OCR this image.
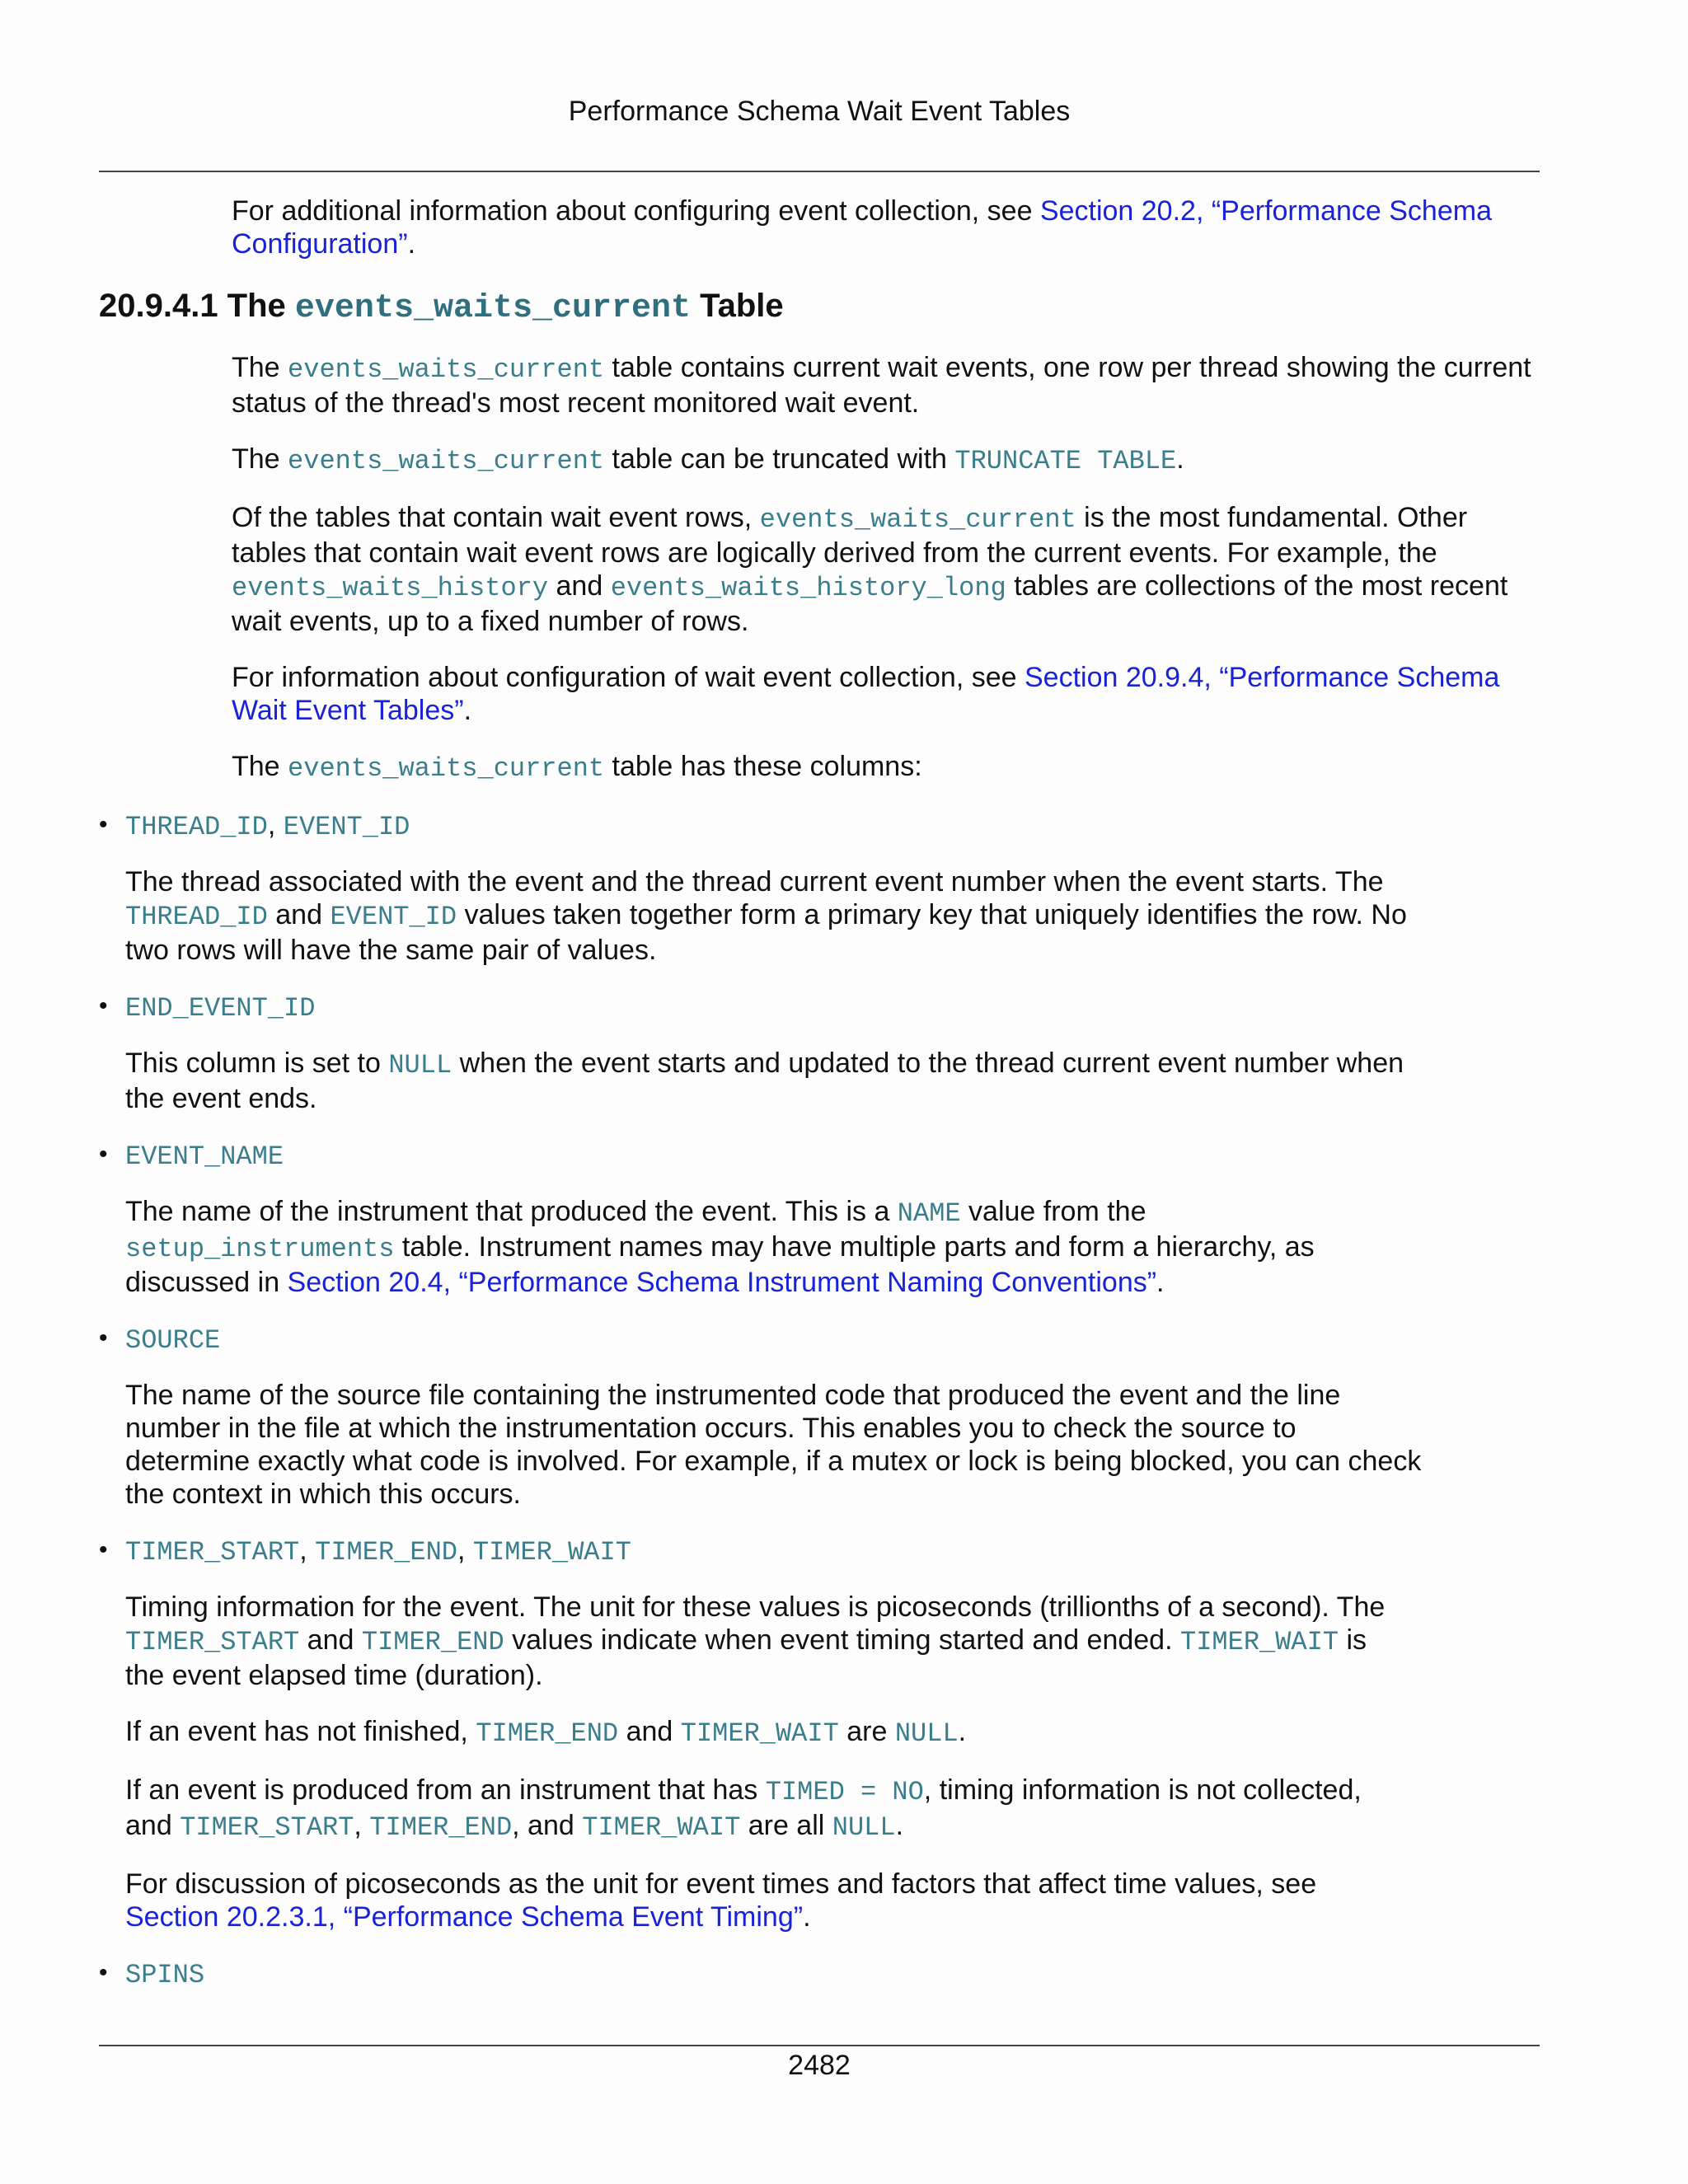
Performance Schema Wait Event Tables

For additional information about configuring event collection, see Section 20.2, “Performance Schema
Configuration”.

20.9.4.1 The events_waits_current Table

The events_waits_current table contains current wait events, one row per thread showing the current
status of the thread's most recent monitored wait event.

The events_waits_current table can be truncated with TRUNCATE TABLE.

Of the tables that contain wait event rows, events_waits_current is the most fundamental. Other
tables that contain wait event rows are logically derived from the current events. For example, the
events_waits_history and events_waits_history_long tables are collections of the most recent
wait events, up to a fixed number of rows.

For information about configuration of wait event collection, see Section 20.9.4, “Performance Schema
Wait Event Tables”.

The events_waits_current table has these columns:

• THREAD_ID, EVENT_ID

The thread associated with the event and the thread current event number when the event starts. The
THREAD_ID and EVENT_ID values taken together form a primary key that uniquely identifies the row. No
two rows will have the same pair of values.

• END_EVENT_ID

This column is set to NULL when the event starts and updated to the thread current event number when
the event ends.

• EVENT_NAME

The name of the instrument that produced the event. This is a NAME value from the
setup_instruments table. Instrument names may have multiple parts and form a hierarchy, as
discussed in Section 20.4, “Performance Schema Instrument Naming Conventions”.

• SOURCE

The name of the source file containing the instrumented code that produced the event and the line
number in the file at which the instrumentation occurs. This enables you to check the source to
determine exactly what code is involved. For example, if a mutex or lock is being blocked, you can check
the context in which this occurs.

• TIMER_START, TIMER_END, TIMER_WAIT

Timing information for the event. The unit for these values is picoseconds (trillionths of a second). The
TIMER_START and TIMER_END values indicate when event timing started and ended. TIMER_WAIT is
the event elapsed time (duration).

If an event has not finished, TIMER_END and TIMER_WAIT are NULL.

If an event is produced from an instrument that has TIMED = NO, timing information is not collected,
and TIMER_START, TIMER_END, and TIMER_WAIT are all NULL.

For discussion of picoseconds as the unit for event times and factors that affect time values, see
Section 20.2.3.1, “Performance Schema Event Timing”.

• SPINS

2482
